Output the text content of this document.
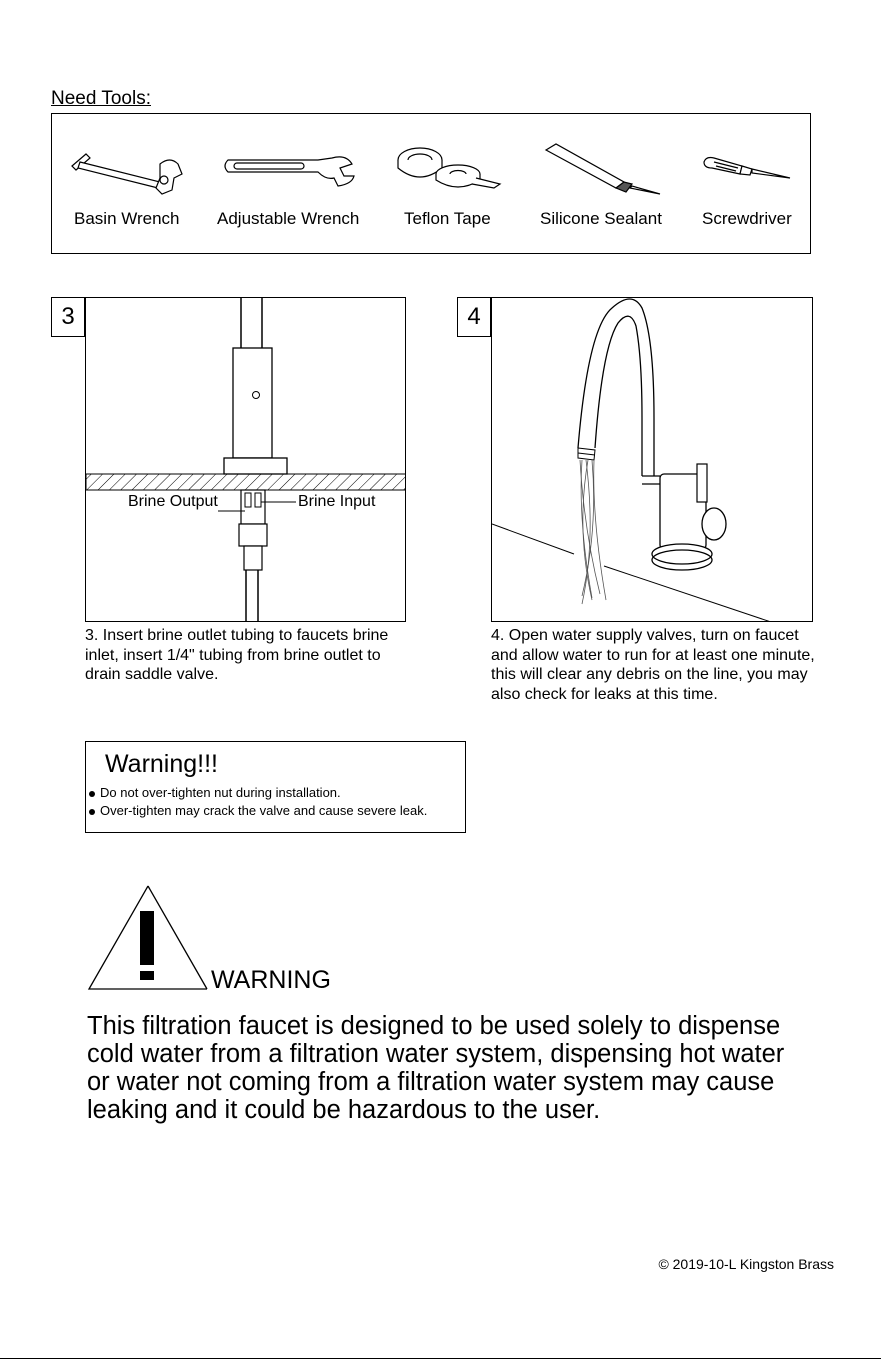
Need Tools:
Basin Wrench Adjustable Wrench	Teflon Tape	Silicone Sealant Screwdriver
3
Brine Output	Brine Input
3. Insert brine outlet tubing to faucets brine inlet, insert 1/4" tubing from brine outlet to drain saddle valve.
4
4. Open water supply valves, turn on faucet and allow water to run for at least one minute, this will clear any debris on the line, you may also check for leaks at this time.
Warning!!!
Do not over-tighten nut during installation.
Over-tighten may crack the valve and cause severe leak.
WARNING
This filtration faucet is designed to be used solely to dispense cold water from a filtration water system, dispensing hot water or water not coming from a filtration water system may cause leaking and it could be hazardous to the user.
© 2019-10-L Kingston Brass
